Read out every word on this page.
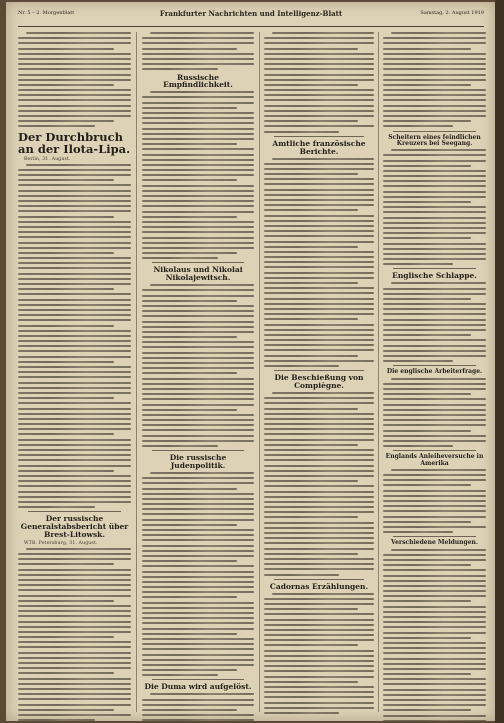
Nr. 5 – 2. Morgenblatt	Frankfurter Nachrichten und Intelligenz-Blatt	Samstag, 2. August 1919
Der Durchbruch an der Ilota-Lipa.
Berlin, 31. August.
Der russische Generalstabsbericht über Brest-Litowsk.
WTB. Petersburg, 31. August.
Russische Empfindlichkeit.
Nikolaus und Nikolai Nikolajewitsch.
Die russische Judenpolitik.
Die Duma wird aufgelöst.
Amtliche französische Berichte.
Die Beschießung von Compiègne.
Cadornas Erzählungen.
Scheitern eines feindlichen Kreuzers bei Seegang.
Englische Schlappe.
Die englische Arbeiterfrage.
Englands Anleiheversuche in Amerika
Verschiedene Meldungen.
